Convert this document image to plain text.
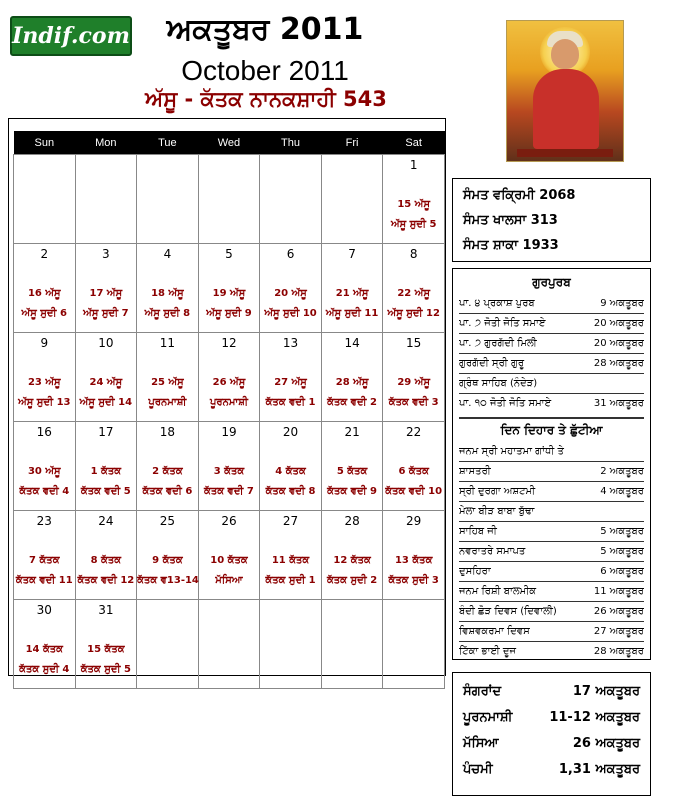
Indif.com	ਅਕਤੂਬਰ 2011
October 2011
ਅੱਸੂ - ਕੱਤਕ ਨਾਨਕਸ਼ਾਹੀ 543
Sun	Mon	Tue	Wed	Thu	Fri	Sat

						1
15 ਅੱਸੂ
ਅੱਸੂ ਸੁਦੀ 5

2
16 ਅੱਸੂ
ਅੱਸੂ ਸੁਦੀ 6	3
17 ਅੱਸੂ
ਅੱਸੂ ਸੁਦੀ 7	4
18 ਅੱਸੂ
ਅੱਸੂ ਸੁਦੀ 8	5
19 ਅੱਸੂ
ਅੱਸੂ ਸੁਦੀ 9	6
20 ਅੱਸੂ
ਅੱਸੂ ਸੁਦੀ 10	7
21 ਅੱਸੂ
ਅੱਸੂ ਸੁਦੀ 11	8
22 ਅੱਸੂ
ਅੱਸੂ ਸੁਦੀ 12

9
23 ਅੱਸੂ
ਅੱਸੂ ਸੁਦੀ 13	10
24 ਅੱਸੂ
ਅੱਸੂ ਸੁਦੀ 14	11
25 ਅੱਸੂ
ਪੂਰਨਮਾਸ਼ੀ	12
26 ਅੱਸੂ
ਪੂਰਨਮਾਸ਼ੀ	13
27 ਅੱਸੂ
ਕੱਤਕ ਵਦੀ 1	14
28 ਅੱਸੂ
ਕੱਤਕ ਵਦੀ 2	15
29 ਅੱਸੂ
ਕੱਤਕ ਵਦੀ 3

16
30 ਅੱਸੂ
ਕੱਤਕ ਵਦੀ 4	17
1 ਕੱਤਕ
ਕੱਤਕ ਵਦੀ 5	18
2 ਕੱਤਕ
ਕੱਤਕ ਵਦੀ 6	19
3 ਕੱਤਕ
ਕੱਤਕ ਵਦੀ 7	20
4 ਕੱਤਕ
ਕੱਤਕ ਵਦੀ 8	21
5 ਕੱਤਕ
ਕੱਤਕ ਵਦੀ 9	22
6 ਕੱਤਕ
ਕੱਤਕ ਵਦੀ 10

23
7 ਕੱਤਕ
ਕੱਤਕ ਵਦੀ 11	24
8 ਕੱਤਕ
ਕੱਤਕ ਵਦੀ 12	25
9 ਕੱਤਕ
ਕੱਤਕ ਵ13-14	26
10 ਕੱਤਕ
ਮੱਸਿਆ	27
11 ਕੱਤਕ
ਕੱਤਕ ਸੁਦੀ 1	28
12 ਕੱਤਕ
ਕੱਤਕ ਸੁਦੀ 2	29
13 ਕੱਤਕ
ਕੱਤਕ ਸੁਦੀ 3

30
14 ਕੱਤਕ
ਕੱਤਕ ਸੁਦੀ 4	31
15 ਕੱਤਕ
ਕੱਤਕ ਸੁਦੀ 5					

ਸੰਮਤ ਵਕ੍ਰਿਮੀ 2068
ਸੰਮਤ ਖਾਲਸਾ 313
ਸੰਮਤ ਸ਼ਾਕਾ 1933
ਗੁਰਪੁਰਬ
ਪਾ. ੪ ਪ੍ਰਕਾਸ਼ ਪੁਰਬ	9 ਅਕਤੂਬਰ
ਪਾ. ੭ ਜੋਤੀ ਜੋਤਿ ਸਮਾਏ	20 ਅਕਤੂਬਰ
ਪਾ. ੭ ਗੁਰਗੱਦੀ ਮਿਲੀ	20 ਅਕਤੂਬਰ
ਗੁਰਗੱਦੀ ਸ੍ਰੀ ਗੁਰੂ	28 ਅਕਤੂਬਰ
ਗ੍ਰੰਥ ਸਾਹਿਬ (ਨੰਦੇੜ)
ਪਾ. ੧੦ ਜੋਤੀ ਜੋਤਿ ਸਮਾਏ	31 ਅਕਤੂਬਰ
ਦਿਨ ਦਿਹਾਰ ਤੇ ਛੁੱਟੀਆ
ਜਨਮ ਸ੍ਰੀ ਮਹਾਤਮਾ ਗਾਂਧੀ ਤੇ
ਸ਼ਾਸਤਰੀ	2 ਅਕਤੂਬਰ
ਸ੍ਰੀ ਦੁਰਗਾ ਅਸ਼ਟਮੀ	4 ਅਕਤੂਬਰ
ਮੇਲਾ ਬੀੜ ਬਾਬਾ ਬੁੱਢਾ
ਸਾਹਿਬ ਜੀ	5 ਅਕਤੂਬਰ
ਨਵਰਾਤਰੇ ਸਮਾਪਤ	5 ਅਕਤੂਬਰ
ਦੁਸਹਿਰਾ	6 ਅਕਤੂਬਰ
ਜਨਮ ਰਿਸ਼ੀ ਬਾਲਮੀਕ	11 ਅਕਤੂਬਰ
ਬੰਦੀ ਛੋੜ ਦਿਵਸ (ਦਿਵਾਲੀ)	26 ਅਕਤੂਬਰ
ਵਿਸ਼ਵਕਰਮਾ ਦਿਵਸ	27 ਅਕਤੂਬਰ
ਟਿੱਕਾ ਭਾਈ ਦੂਜ	28 ਅਕਤੂਬਰ
ਸੰਗਰਾਂਦ	17 ਅਕਤੂਬਰ
ਪੂਰਨਮਾਸ਼ੀ	11-12 ਅਕਤੂਬਰ
ਮੱਸਿਆ	26 ਅਕਤੂਬਰ
ਪੰਚਮੀ	1,31 ਅਕਤੂਬਰ
